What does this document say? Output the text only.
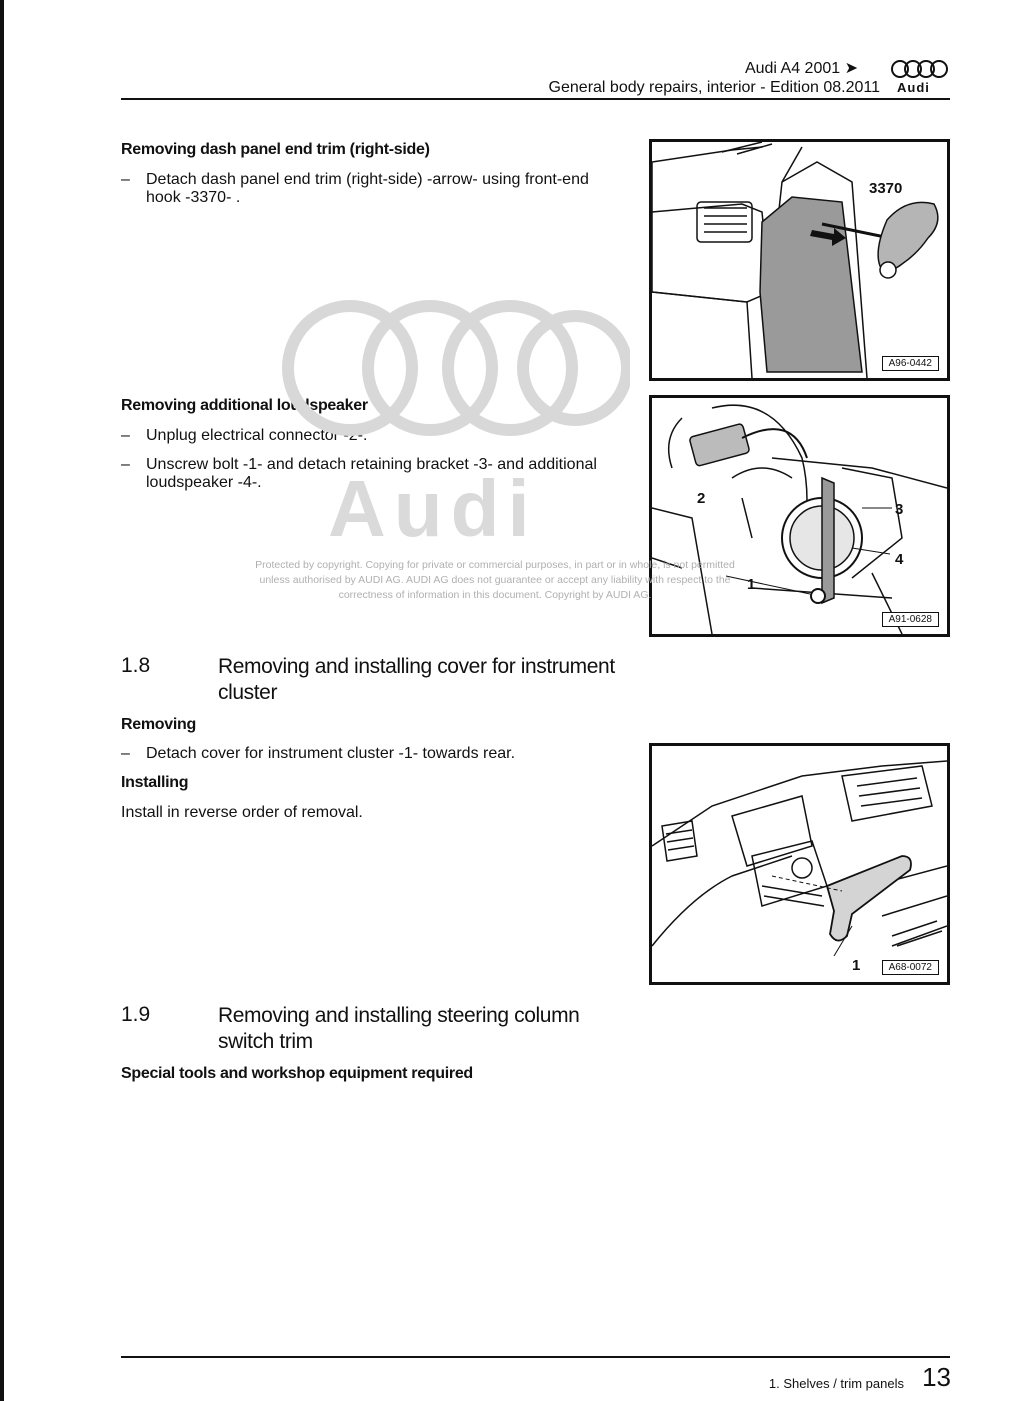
Audi A4 2001 ➤
General body repairs, interior - Edition 08.2011 Audi
Removing dash panel end trim (right-side)
– Detach dash panel end trim (right-side) -arrow- using front-end hook -3370- .
3370
A96-0442
Removing additional loudspeaker
– Unplug electrical connector -2-.
– Unscrew bolt -1- and detach retaining bracket -3- and additional loudspeaker -4-. Audi	2
3
4
1
A91-0628
Protected by copyright. Copying for private or commercial purposes, in part or in whole, is not permitted unless authorised by AUDI AG. AUDI AG does not guarantee or accept any liability with respect to the correctness of information in this document. Copyright by AUDI AG.
1.8	Removing and installing cover for instrument cluster
Removing
– Detach cover for instrument cluster -1- towards rear.
Installing
Install in reverse order of removal.
1	A68-0072
1.9	Removing and installing steering column switch trim
Special tools and workshop equipment required
1. Shelves / trim panels 13
